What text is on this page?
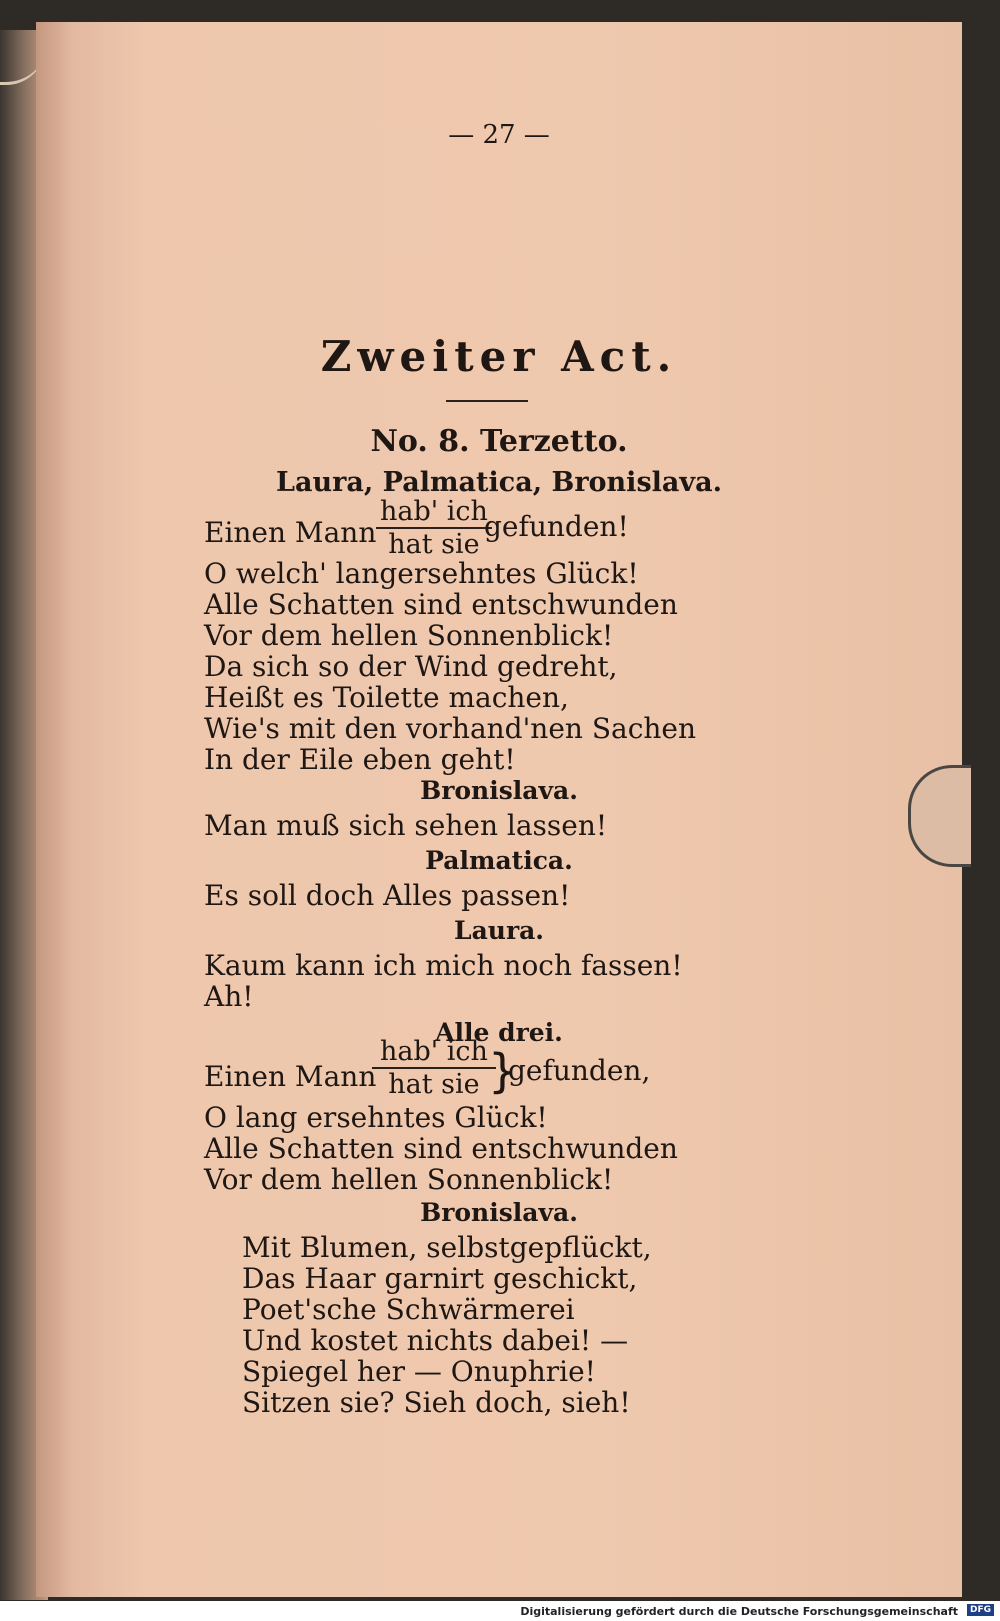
— 27 —
Zweiter Act.
No. 8. Terzetto.
Laura, Palmatica, Bronislava.
Einen Mann
hab' ich
hat sie
gefunden!
O welch' langersehntes Glück!
Alle Schatten sind entschwunden
Vor dem hellen Sonnenblick!
Da sich so der Wind gedreht,
Heißt es Toilette machen,
Wie's mit den vorhand'nen Sachen
In der Eile eben geht!
Bronislava.
Man muß sich sehen lassen!
Palmatica.
Es soll doch Alles passen!
Laura.
Kaum kann ich mich noch fassen!
Ah!
Alle drei.
Einen Mann
hab' ich
hat sie }
gefunden,
O lang ersehntes Glück!
Alle Schatten sind entschwunden
Vor dem hellen Sonnenblick!
Bronislava.
Mit Blumen, selbstgepflückt,
Das Haar garnirt geschickt,
Poet'sche Schwärmerei
Und kostet nichts dabei! —
Spiegel her — Onuphrie!
Sitzen sie? Sieh doch, sieh!
Digitalisierung gefördert durch die Deutsche Forschungsgemeinschaft	DFG
